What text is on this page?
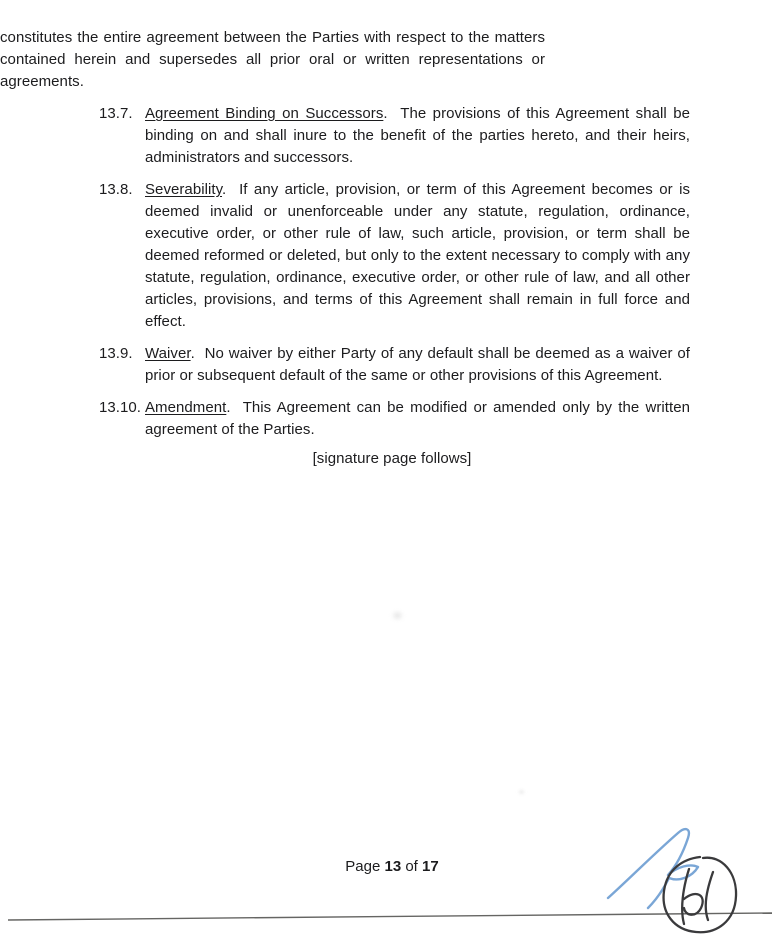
constitutes the entire agreement between the Parties with respect to the matters contained herein and supersedes all prior oral or written representations or agreements.

13.7. Agreement Binding on Successors.  The provisions of this Agreement shall be binding on and shall inure to the benefit of the parties hereto, and their heirs, administrators and successors.
13.8. Severability.  If any article, provision, or term of this Agreement becomes or is deemed invalid or unenforceable under any statute, regulation, ordinance, executive order, or other rule of law, such article, provision, or term shall be deemed reformed or deleted, but only to the extent necessary to comply with any statute, regulation, ordinance, executive order, or other rule of law, and all other articles, provisions, and terms of this Agreement shall remain in full force and effect.
13.9. Waiver.  No waiver by either Party of any default shall be deemed as a waiver of prior or subsequent default of the same or other provisions of this Agreement.
13.10. Amendment.  This Agreement can be modified or amended only by the written agreement of the Parties.
[signature page follows]
Page 13 of 17
